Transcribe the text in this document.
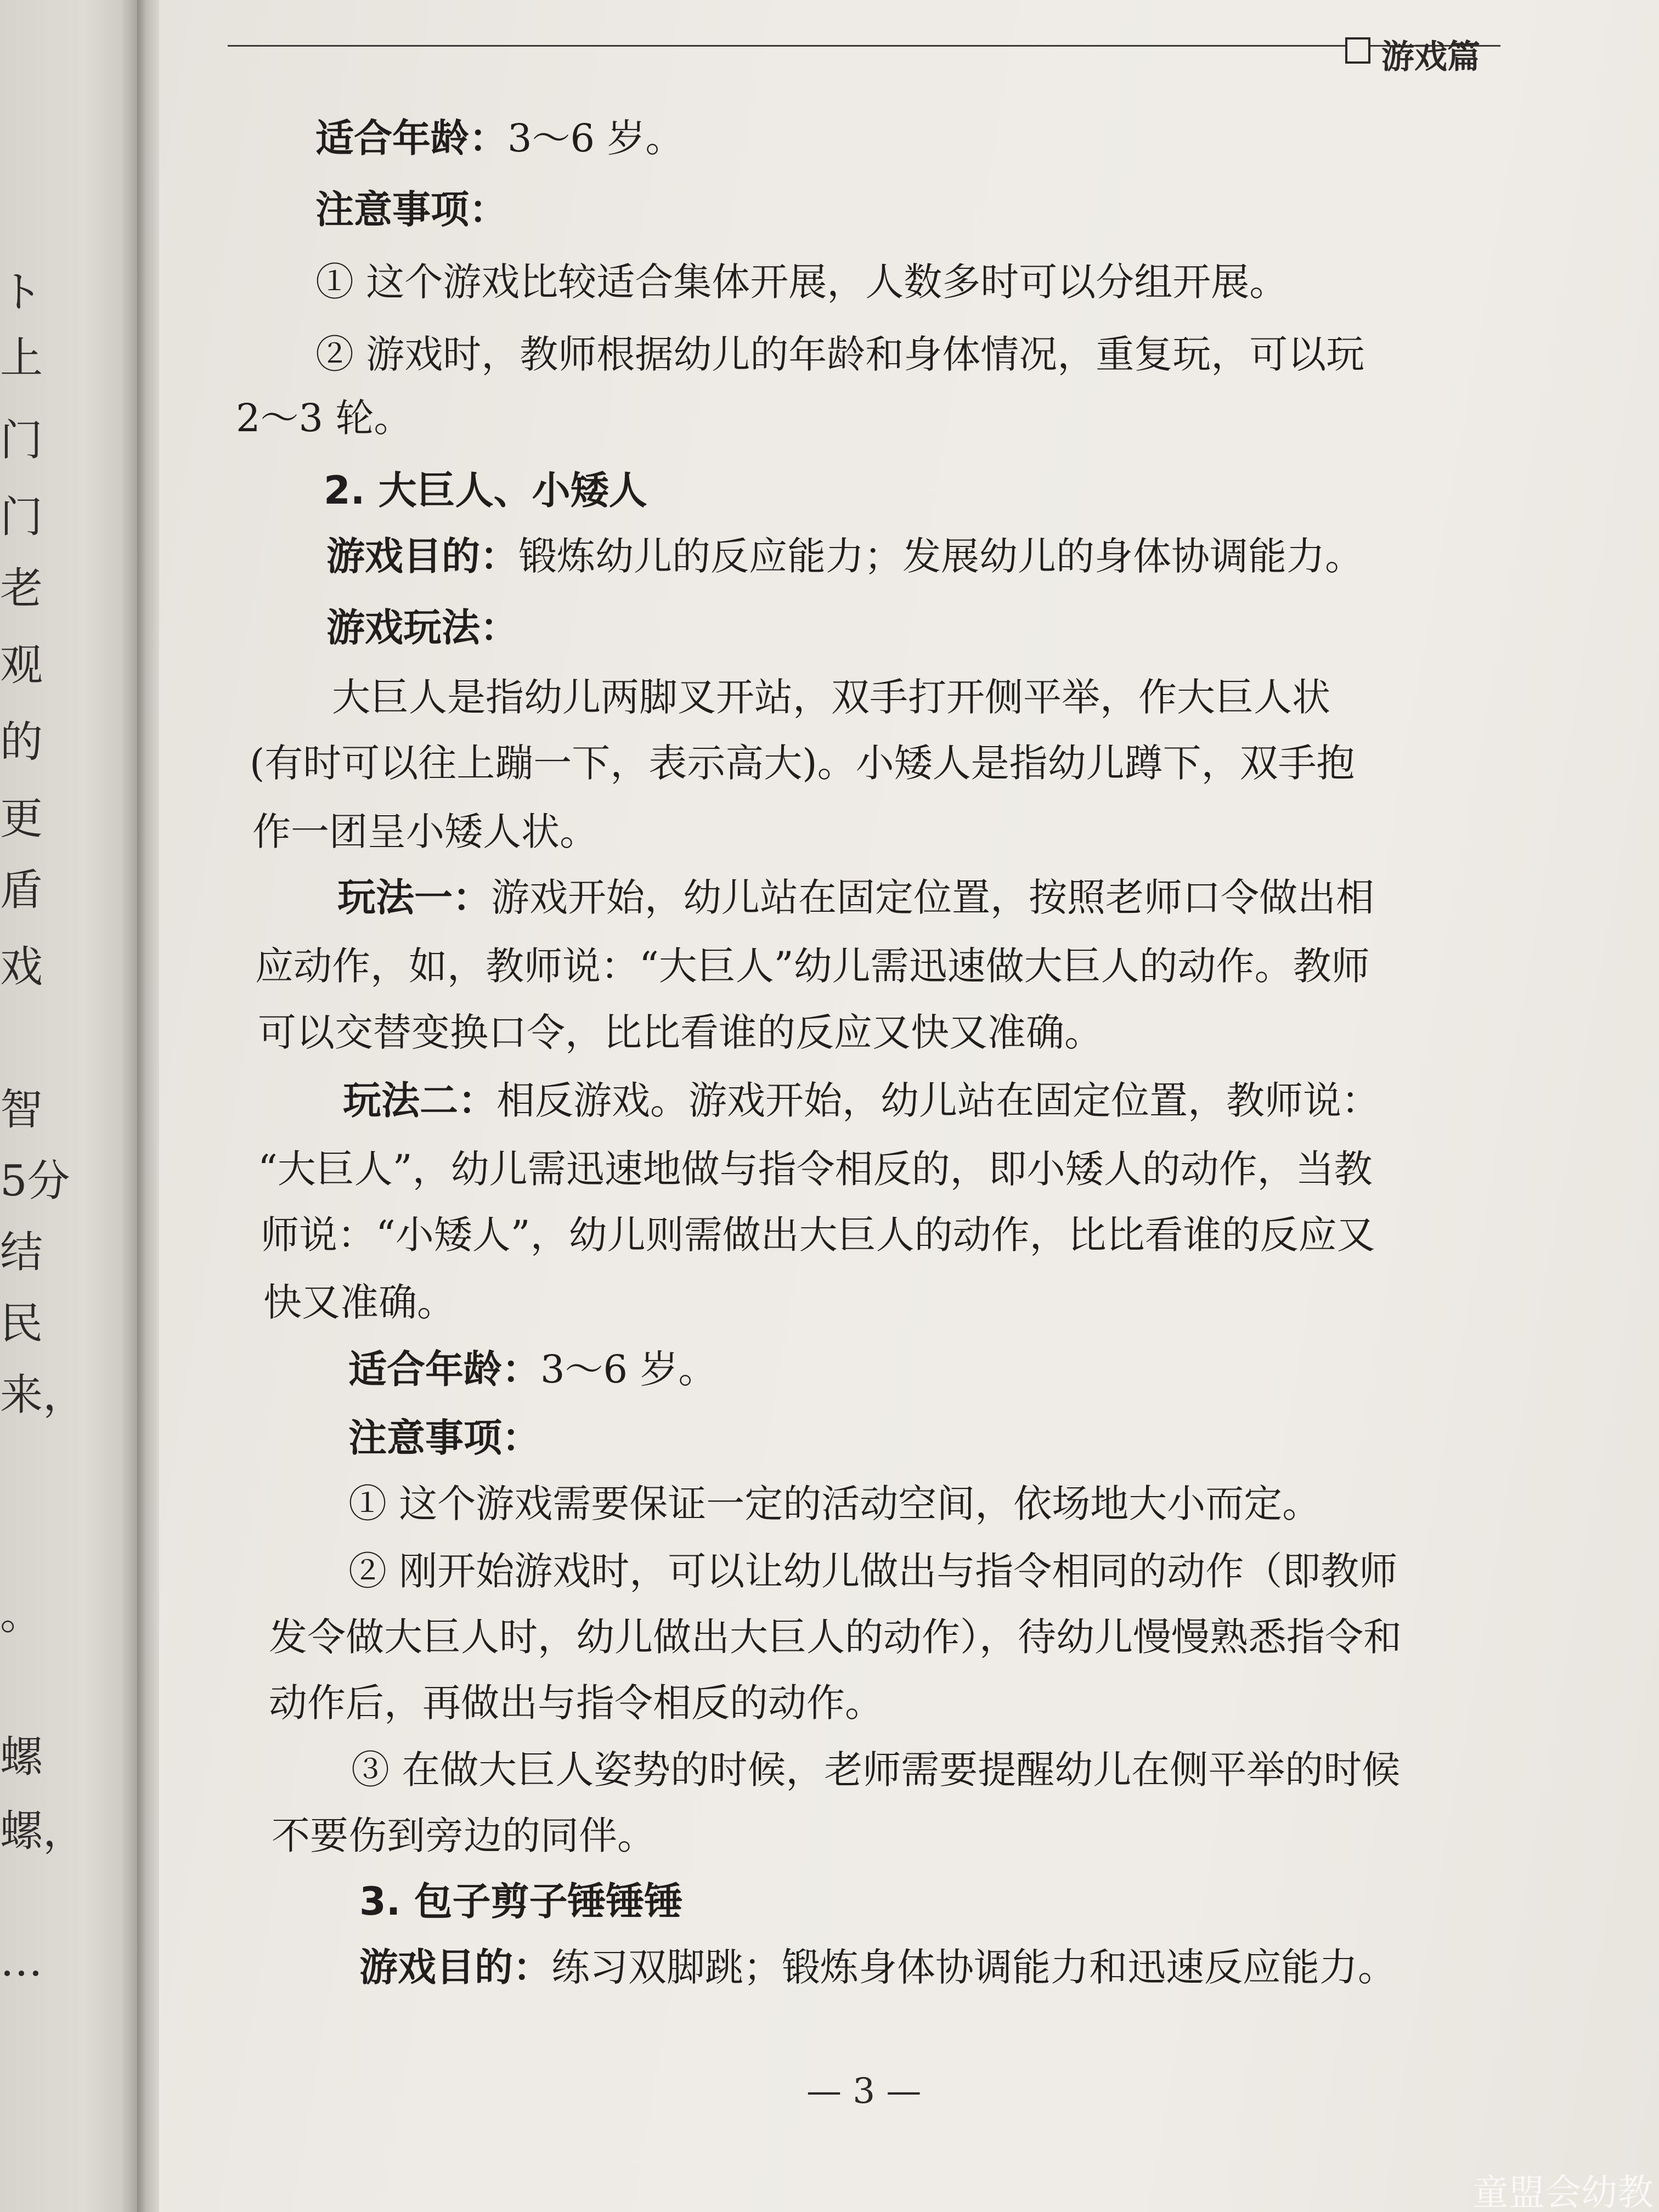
ト
上
门
门
老
观
的
更
盾
戏
智
5分
结
民
来，
。
螺
螺，
…
游戏篇
适合年龄：3～6 岁。
注意事项：
① 这个游戏比较适合集体开展，人数多时可以分组开展。
② 游戏时，教师根据幼儿的年龄和身体情况，重复玩，可以玩
2～3 轮。
2. 大巨人、小矮人
游戏目的：锻炼幼儿的反应能力；发展幼儿的身体协调能力。
游戏玩法：
大巨人是指幼儿两脚叉开站，双手打开侧平举，作大巨人状
(有时可以往上蹦一下，表示高大)。小矮人是指幼儿蹲下，双手抱
作一团呈小矮人状。
玩法一：游戏开始，幼儿站在固定位置，按照老师口令做出相
应动作，如，教师说：“大巨人”幼儿需迅速做大巨人的动作。教师
可以交替变换口令，比比看谁的反应又快又准确。
玩法二：相反游戏。游戏开始，幼儿站在固定位置，教师说：
“大巨人”，幼儿需迅速地做与指令相反的，即小矮人的动作，当教
师说：“小矮人”，幼儿则需做出大巨人的动作，比比看谁的反应又
快又准确。
适合年龄：3～6 岁。
注意事项：
① 这个游戏需要保证一定的活动空间，依场地大小而定。
② 刚开始游戏时，可以让幼儿做出与指令相同的动作（即教师
发令做大巨人时，幼儿做出大巨人的动作），待幼儿慢慢熟悉指令和
动作后，再做出与指令相反的动作。
③ 在做大巨人姿势的时候，老师需要提醒幼儿在侧平举的时候
不要伤到旁边的同伴。
3. 包子剪子锤锤锤
游戏目的：练习双脚跳；锻炼身体协调能力和迅速反应能力。
— 3 —
童盟会幼教
